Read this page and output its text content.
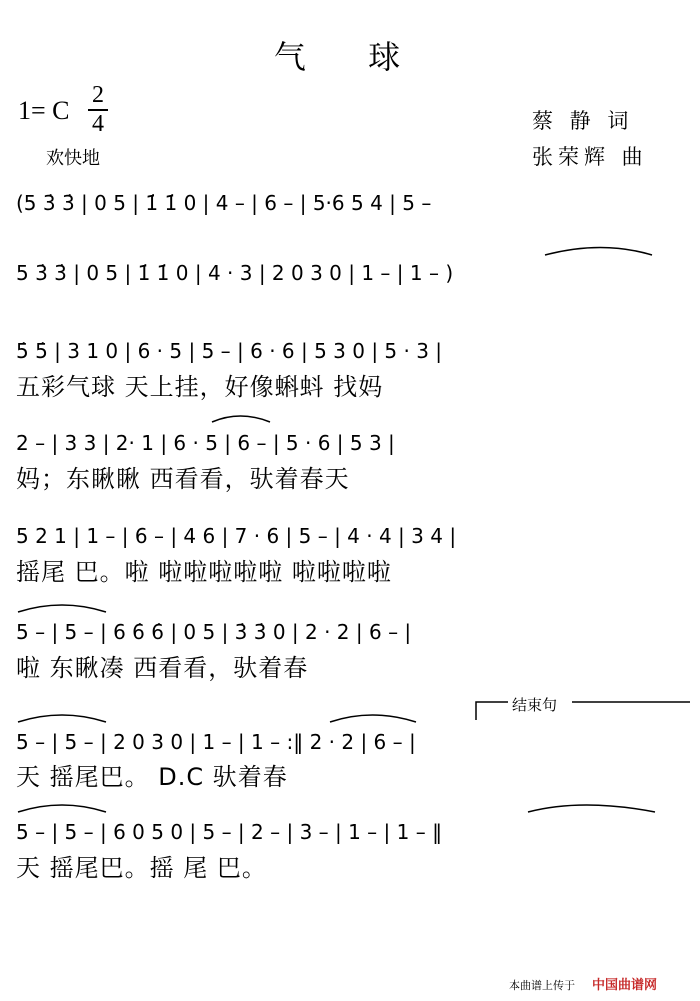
气 球
1= C
2
4
欢快地
蔡 静 词
张荣辉 曲
(5 3̇ 3̇ | 0 5 | 1̇ 1̇ 0 | 4 – | 6 – | 5·6 5 4 | 5 –
5 3̇ 3̇ | 0 5 | 1̇ 1̇ 0 | 4 · 3 | 2 0 3 0 | 1 – | 1 – )
5̇ 5̇ | 3 1 0 | 6 · 5 | 5 – | 6 · 6 | 5 3 0 | 5 · 3 |
五彩气球 天上挂，好像蝌蚪 找妈
2 – | 3 3 | 2· 1 | 6 · 5 | 6 – | 5 · 6 | 5 3 |
妈；东瞅瞅 西看看，驮着春天
5 2 1 | 1 – | 6 – | 4 6 | 7 · 6 | 5 – | 4 · 4 | 3 4 |
摇尾 巴。啦 啦啦啦啦啦 啦啦啦啦
5 – | 5 – | 6 6̇ 6̇ | 0 5 | 3̇ 3̇ 0 | 2 · 2 | 6 – |
啦 东瞅凑 西看看，驮着春
结束句
5 – | 5 – | 2 0 3 0 | 1 – | 1 – :‖ 2 · 2 | 6 – |
天 摇尾巴。 D.C 驮着春
5 – | 5 – | 6 0 5 0 | 5 – | 2 – | 3 – | 1 – | 1 – ‖
天 摇尾巴。摇 尾 巴。
本曲谱上传于 中国曲谱网
